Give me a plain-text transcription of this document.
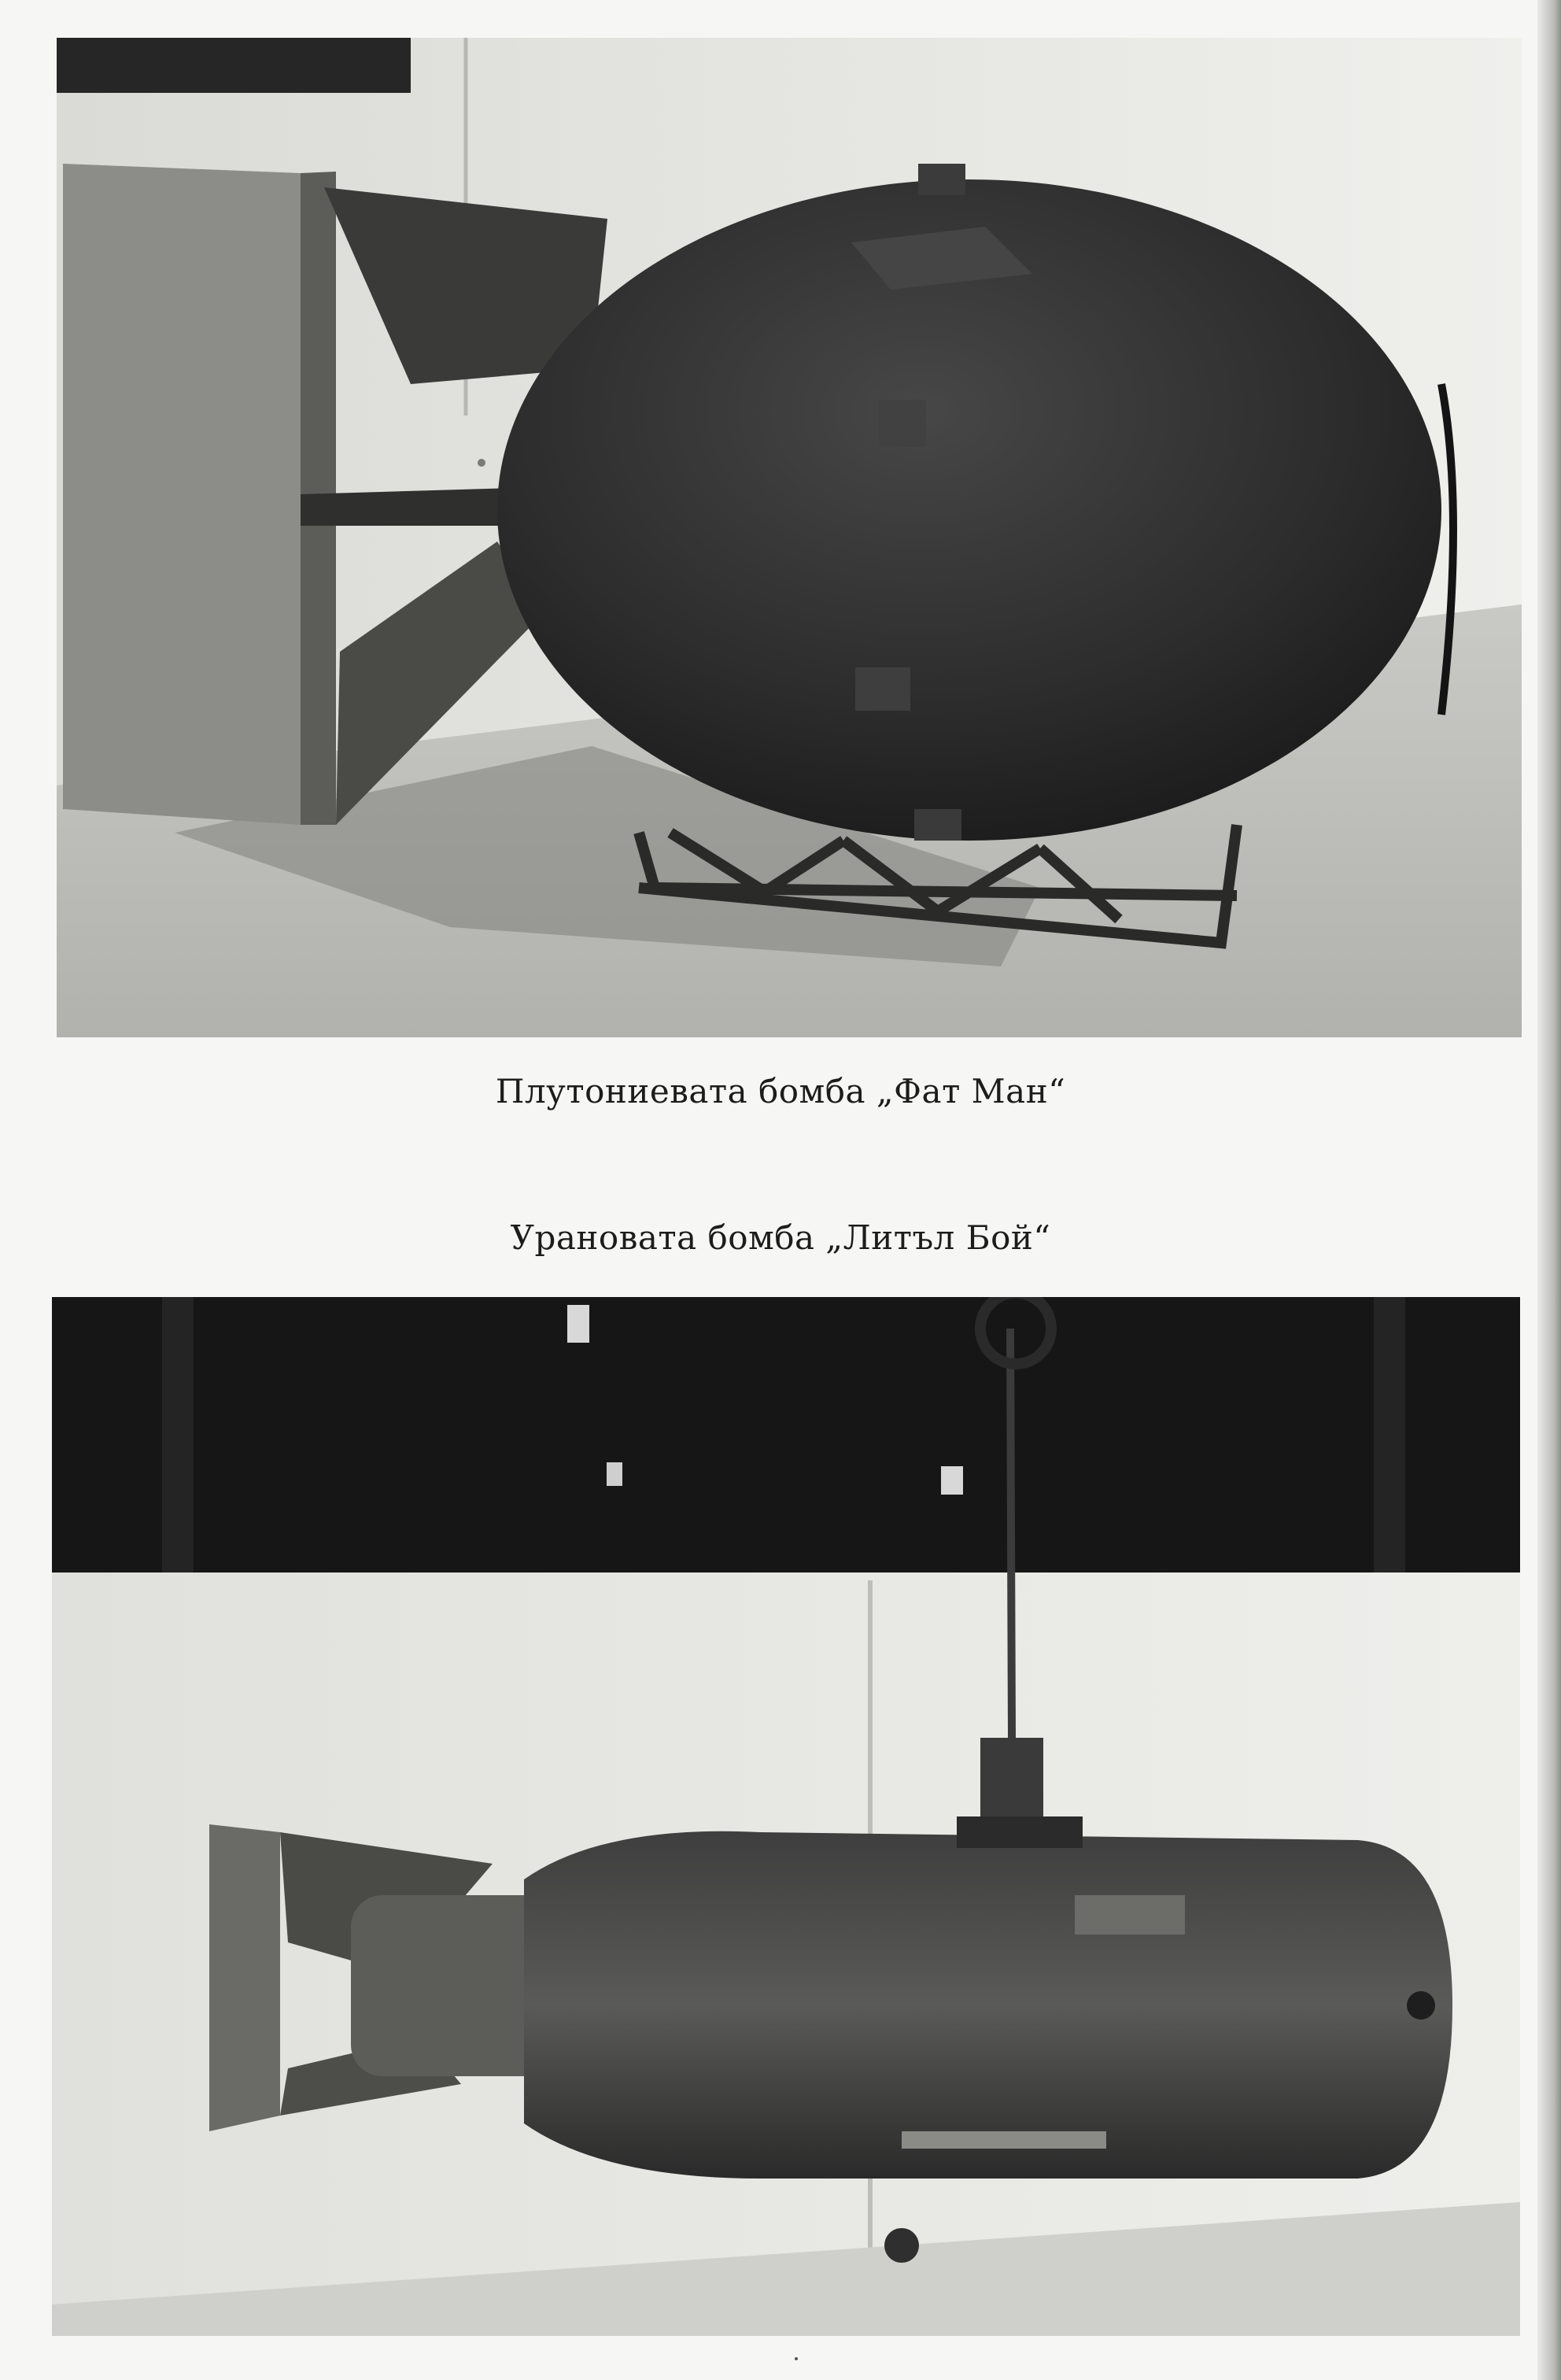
Плутониевата бомба „Фат Ман“
Урановата бомба „Литъл Бой“
